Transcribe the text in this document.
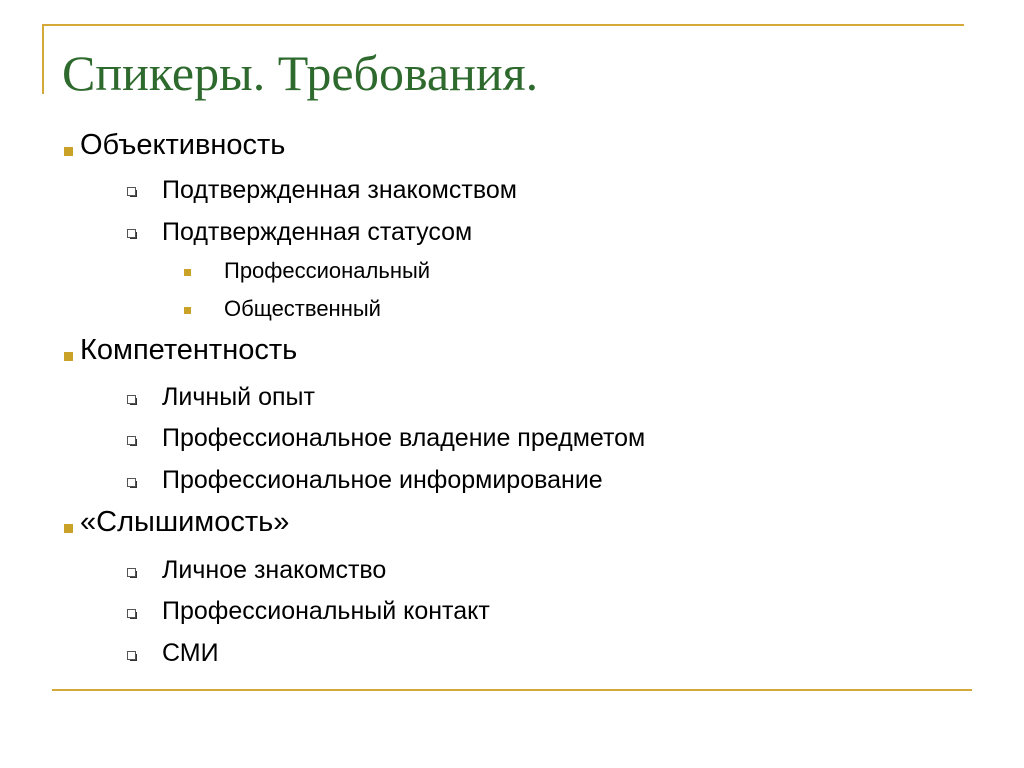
Спикеры. Требования.
Объективность
Подтвержденная знакомством
Подтвержденная статусом
Профессиональный
Общественный
Компетентность
Личный опыт
Профессиональное владение предметом
Профессиональное информирование
«Слышимость»
Личное знакомство
Профессиональный контакт
СМИ
